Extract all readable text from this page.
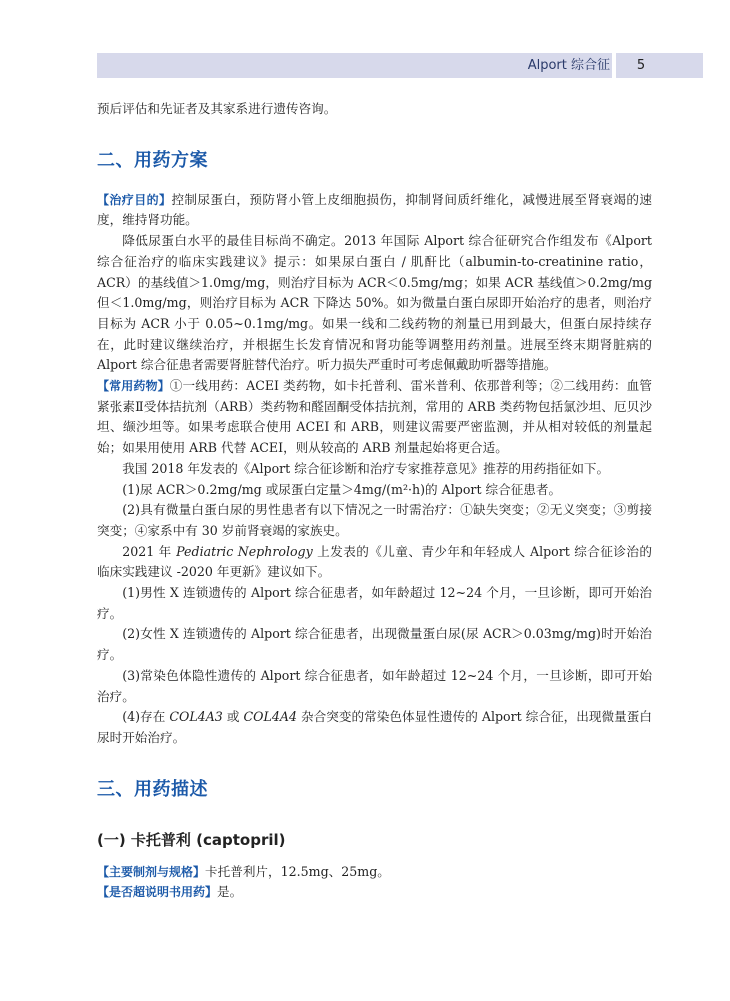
Alport 综合征	5

预后评估和先证者及其家系进行遗传咨询。

二、用药方案

【治疗目的】控制尿蛋白，预防肾小管上皮细胞损伤，抑制肾间质纤维化，减慢进展至肾衰竭的速度，维持肾功能。

降低尿蛋白水平的最佳目标尚不确定。2013 年国际 Alport 综合征研究合作组发布《Alport 综合征治疗的临床实践建议》提示：如果尿白蛋白 / 肌酐比（albumin-to-creatinine ratio，ACR）的基线值＞1.0mg/mg，则治疗目标为 ACR＜0.5mg/mg；如果 ACR 基线值＞0.2mg/mg 但＜1.0mg/mg，则治疗目标为 ACR 下降达 50%。如为微量白蛋白尿即开始治疗的患者，则治疗目标为 ACR 小于 0.05~0.1mg/mg。如果一线和二线药物的剂量已用到最大，但蛋白尿持续存在，此时建议继续治疗，并根据生长发育情况和肾功能等调整用药剂量。进展至终末期肾脏病的 Alport 综合征患者需要肾脏替代治疗。听力损失严重时可考虑佩戴助听器等措施。

【常用药物】①一线用药：ACEI 类药物，如卡托普利、雷米普利、依那普利等；②二线用药：血管紧张素Ⅱ受体拮抗剂（ARB）类药物和醛固酮受体拮抗剂，常用的 ARB 类药物包括氯沙坦、厄贝沙坦、缬沙坦等。如果考虑联合使用 ACEI 和 ARB，则建议需要严密监测，并从相对较低的剂量起始；如果用使用 ARB 代替 ACEI，则从较高的 ARB 剂量起始将更合适。

我国 2018 年发表的《Alport 综合征诊断和治疗专家推荐意见》推荐的用药指征如下。

(1)尿 ACR＞0.2mg/mg 或尿蛋白定量＞4mg/(m²·h)的 Alport 综合征患者。

(2)具有微量白蛋白尿的男性患者有以下情况之一时需治疗：①缺失突变；②无义突变；③剪接突变；④家系中有 30 岁前肾衰竭的家族史。

2021 年 Pediatric Nephrology 上发表的《儿童、青少年和年轻成人 Alport 综合征诊治的临床实践建议 -2020 年更新》建议如下。

(1)男性 X 连锁遗传的 Alport 综合征患者，如年龄超过 12~24 个月，一旦诊断，即可开始治疗。

(2)女性 X 连锁遗传的 Alport 综合征患者，出现微量蛋白尿(尿 ACR＞0.03mg/mg)时开始治疗。

(3)常染色体隐性遗传的 Alport 综合征患者，如年龄超过 12~24 个月，一旦诊断，即可开始治疗。

(4)存在 COL4A3 或 COL4A4 杂合突变的常染色体显性遗传的 Alport 综合征，出现微量蛋白尿时开始治疗。

三、用药描述
(一) 卡托普利 (captopril)

【主要制剂与规格】卡托普利片，12.5mg、25mg。

【是否超说明书用药】是。
